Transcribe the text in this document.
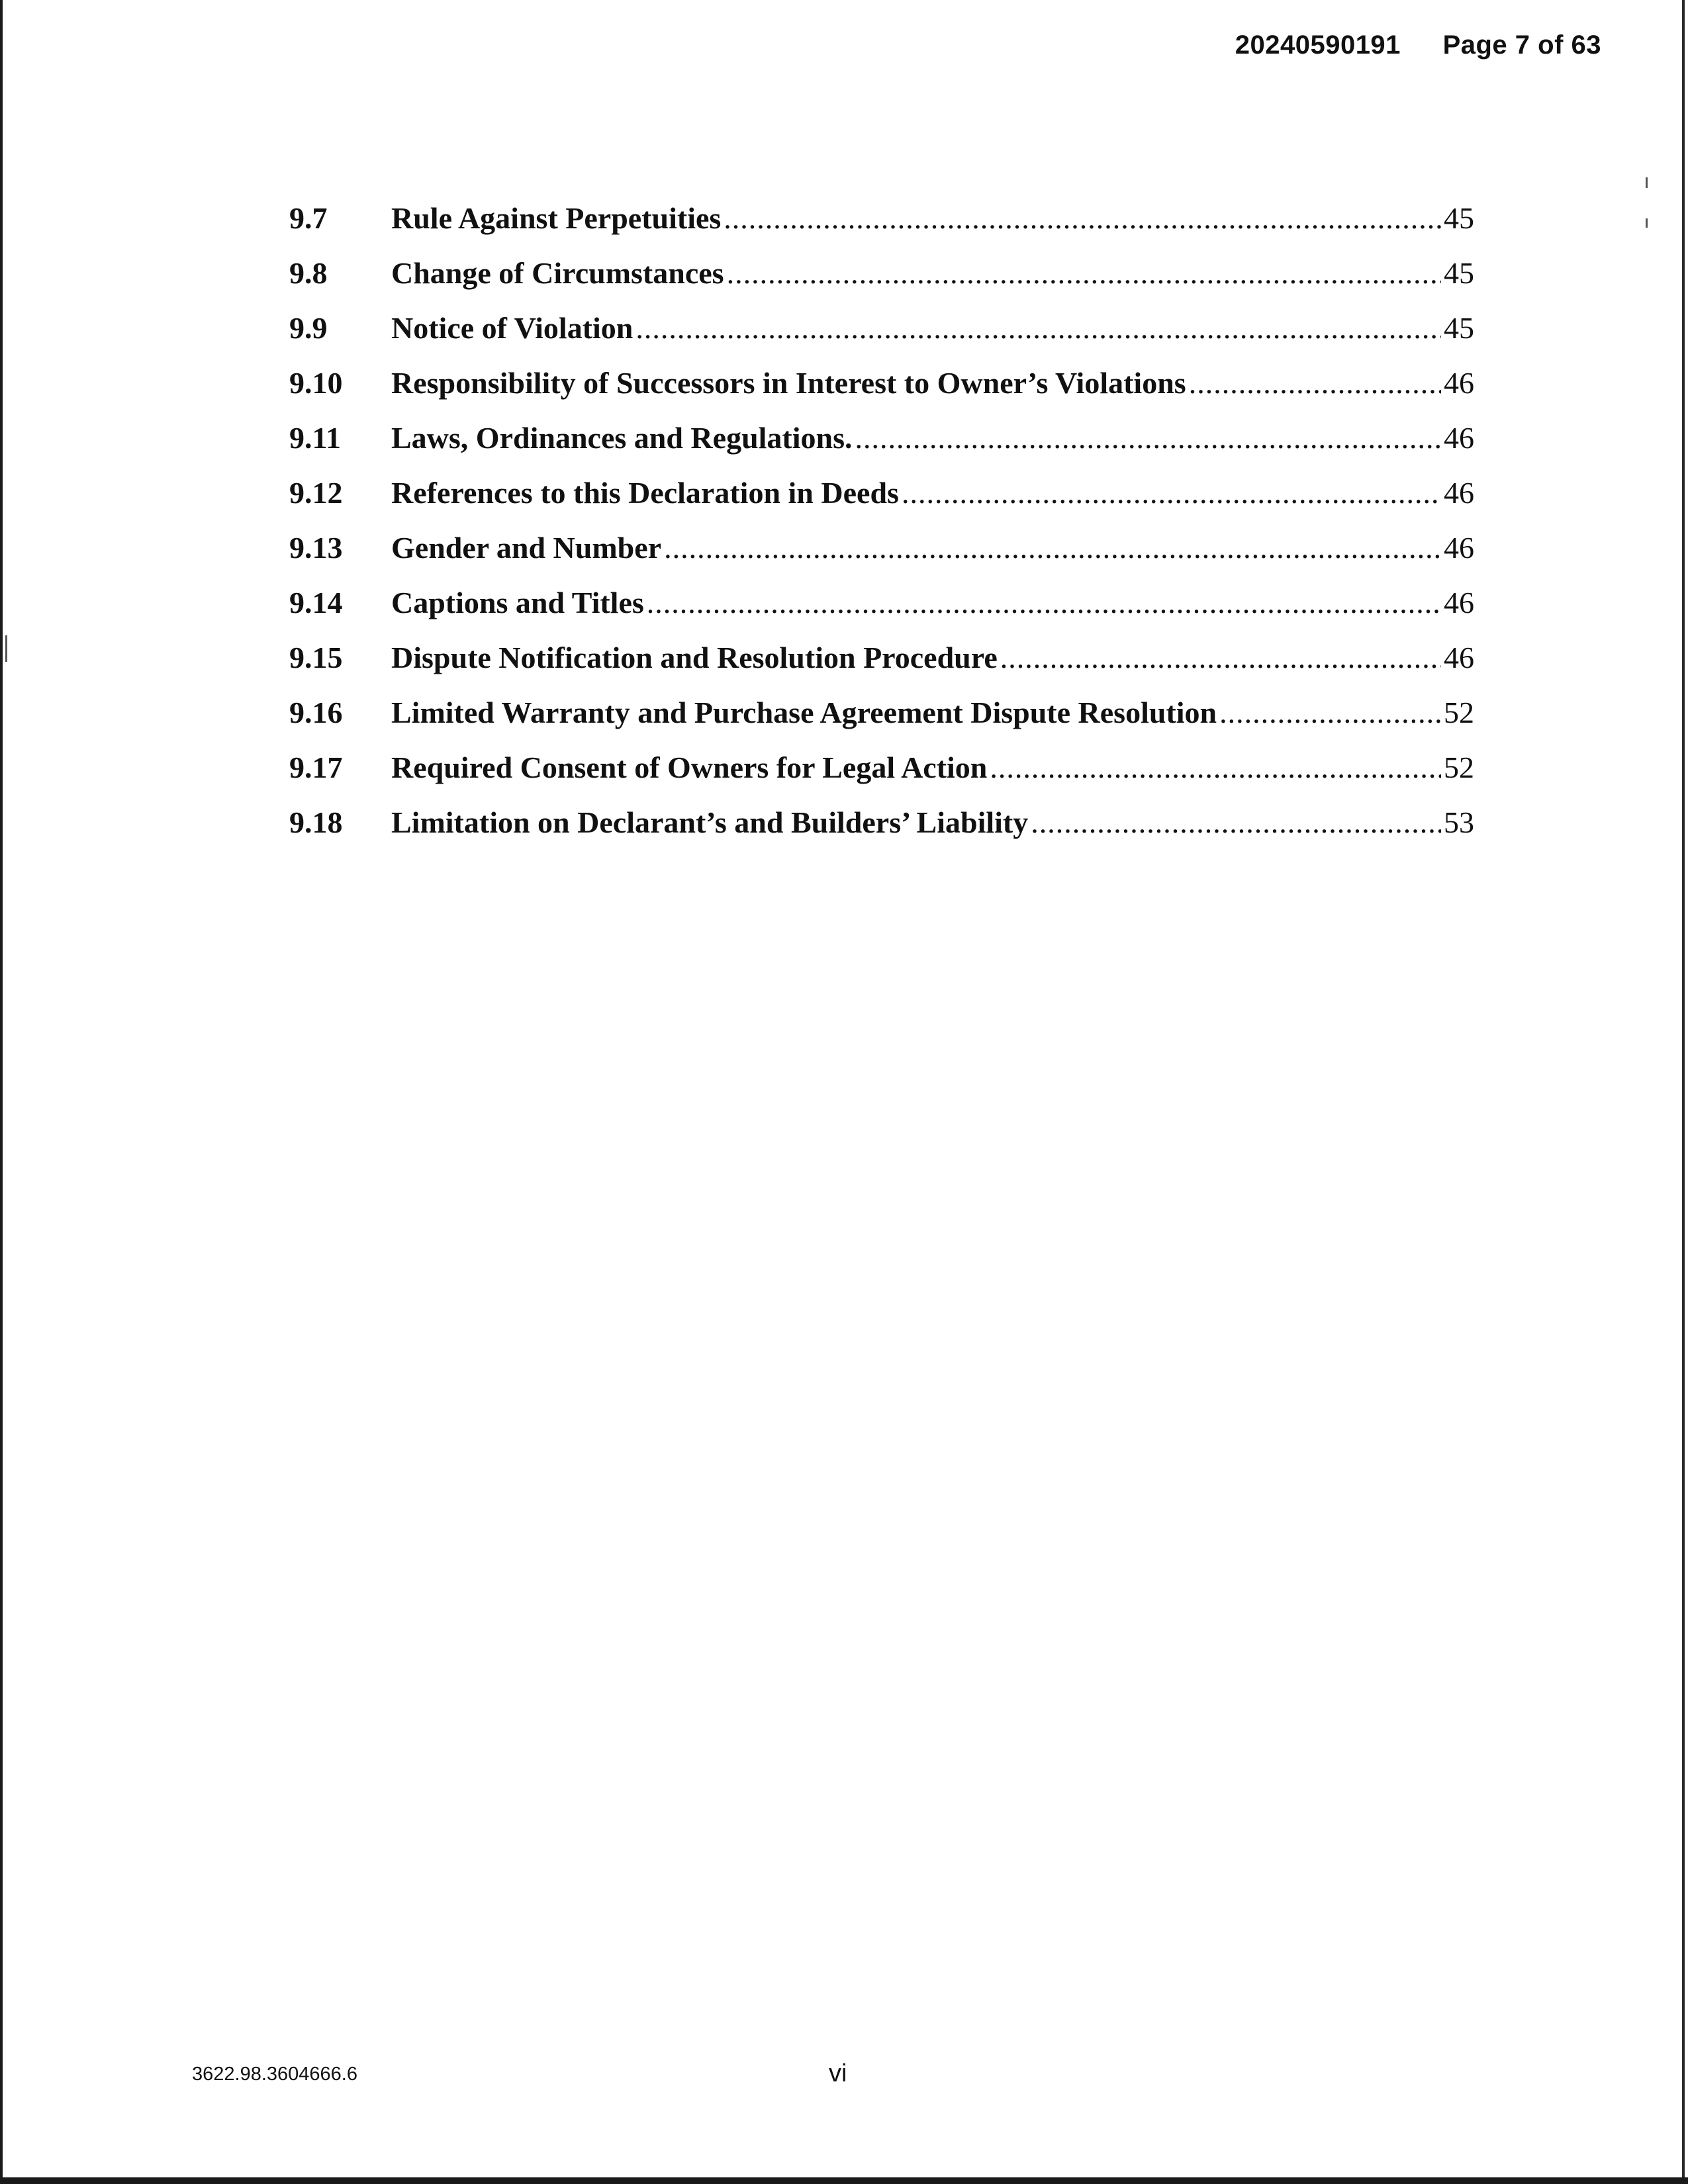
20240590191 Page 7 of 63
9.7	Rule Against Perpetuities .....	45
9.8	Change of Circumstances .....	45
9.9	Notice of Violation .....	45
9.10	Responsibility of Successors in Interest to Owner’s Violations .....	46
9.11	Laws, Ordinances and Regulations. .....	46
9.12	References to this Declaration in Deeds .....	46
9.13	Gender and Number .....	46
9.14	Captions and Titles .....	46
9.15	Dispute Notification and Resolution Procedure .....	46
9.16	Limited Warranty and Purchase Agreement Dispute Resolution .....	52
9.17	Required Consent of Owners for Legal Action .....	52
9.18	Limitation on Declarant’s and Builders’ Liability .....	53
3622.98.3604666.6	vi
